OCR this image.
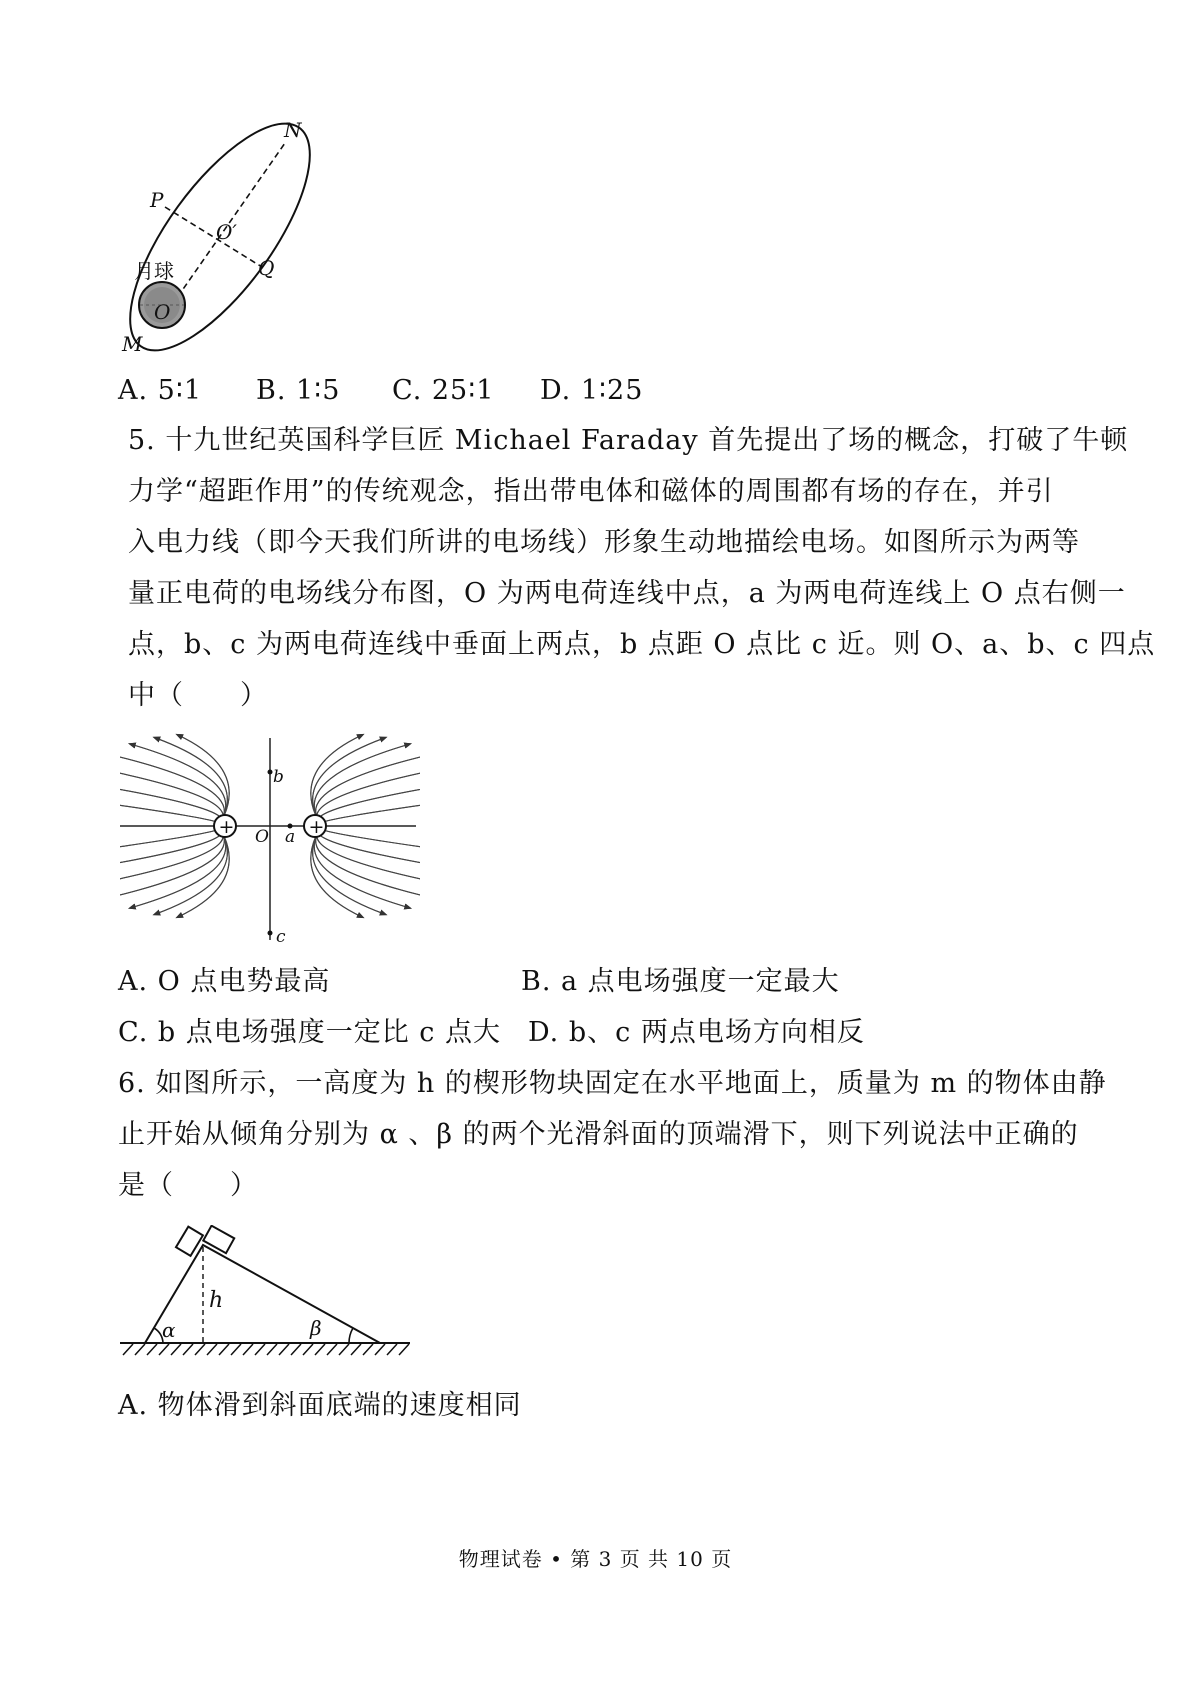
N
P
O′
Q
月球
O
M
A. 5∶1 B. 1∶5 C. 25∶1 D. 1∶25
5. 十九世纪英国科学巨匠 Michael Faraday 首先提出了场的概念，打破了牛顿
力学“超距作用”的传统观念，指出带电体和磁体的周围都有场的存在，并引
入电力线（即今天我们所讲的电场线）形象生动地描绘电场。如图所示为两等
量正电荷的电场线分布图，O 为两电荷连线中点，a 为两电荷连线上 O 点右侧一
点，b、c 为两电荷连线中垂面上两点，b 点距 O 点比 c 近。则 O、a、b、c 四点
中（　　）
+	+
O a
b
c
A. O 点电势最高	B. a 点电场强度一定最大
C. b 点电场强度一定比 c 点大 D. b、c 两点电场方向相反
6. 如图所示，一高度为 h 的楔形物块固定在水平地面上，质量为 m 的物体由静
止开始从倾角分别为 α 、β 的两个光滑斜面的顶端滑下，则下列说法中正确的
是（　　）
h
α	β
A. 物体滑到斜面底端的速度相同
物理试卷 • 第 3 页 共 10 页
